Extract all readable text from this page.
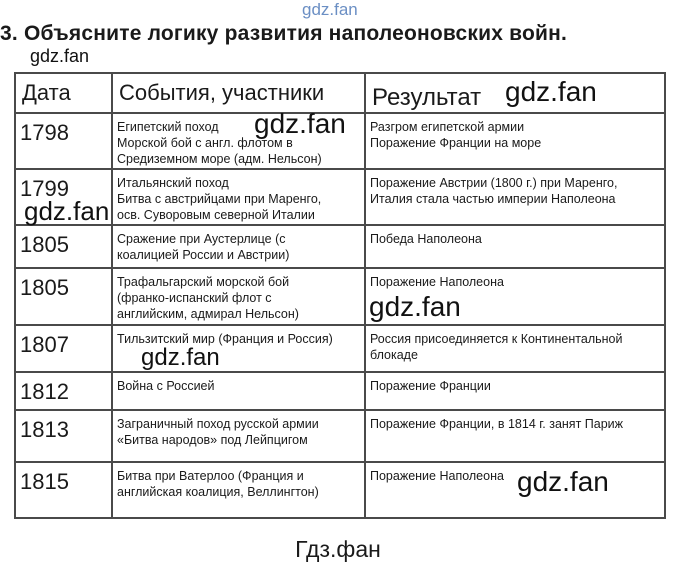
gdz.fan
3. Объясните логику развития наполеоновских войн.
gdz.fan
Дата	События, участники	Результат
1798	Египетский поход
Морской бой с англ. флотом в
Средиземном море (адм. Нельсон)	Разгром египетской армии
Поражение Франции на море

1799	Итальянский поход
Битва с австрийцами при Маренго,
осв. Суворовым северной Италии	Поражение Австрии (1800 г.) при Маренго,
Италия стала частью империи Наполеона

1805	Сражение при Аустерлице (с
коалицией России и Австрии)	Победа Наполеона

1805	Трафальгарский морской бой
(франко-испанский флот с
английским, адмирал Нельсон)	Поражение Наполеона

1807	Тильзитский мир (Франция и Россия)	Россия присоединяется к Континентальной
блокаде

1812	Война с Россией	Поражение Франции

1813	Заграничный поход русской армии
«Битва народов» под Лейпцигом	Поражение Франции, в 1814 г. занят Париж

1815	Битва при Ватерлоо (Франция и
английская коалиция, Веллингтон)	Поражение Наполеона
gdz.fan
gdz.fan
gdz.fan
gdz.fan
gdz.fan
gdz.fan
Гдз.фан
